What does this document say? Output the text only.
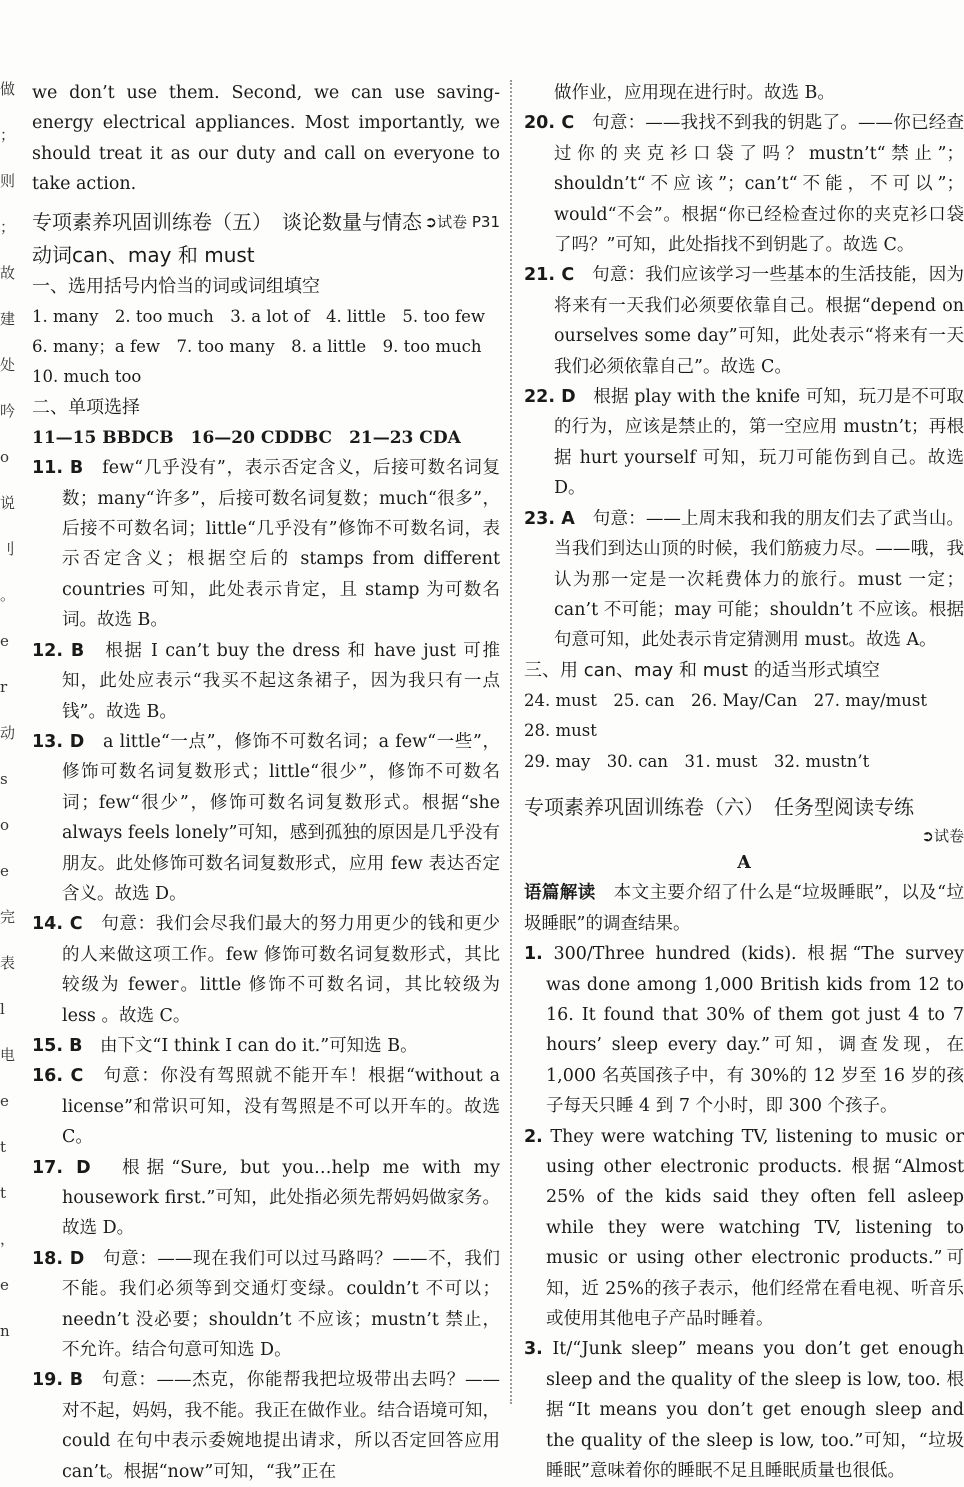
做
；
则
；
故
建
处
吟
o
说
刂
。
e
r
动
s
o
e
完
表
l
电
e
t
t
，
e
n

we don’t use them. Second, we can use saving-energy electrical appliances. Most importantly, we should treat it as our duty and call on everyone to take action.

➲试卷 P31
专项素养巩固训练卷（五）　谈论数量与情态动词can、may 和 must

一、选用括号内恰当的词或词组填空

1. many　2. too much　3. a lot of　4. little　5. too few

6. many；a few　7. too many　8. a little　9. too much

10. much too

二、单项选择

11—15 BBDCB　16—20 CDDBC　21—23 CDA

11. B　 few“几乎没有”，表示否定含义，后接可数名词复数；many“许多”，后接可数名词复数；much“很多”，后接不可数名词；little“几乎没有”修饰不可数名词，表示否定含义；根据空后的 stamps from different countries 可知，此处表示肯定，且 stamp 为可数名词。故选 B。

12. B　 根据 I can’t buy the dress 和 have just 可推知，此处应表示“我买不起这条裙子，因为我只有一点钱”。故选 B。

13. D　 a little“一点”，修饰不可数名词；a few“一些”，修饰可数名词复数形式；little“很少”，修饰不可数名词；few“很少”，修饰可数名词复数形式。根据“she always feels lonely”可知，感到孤独的原因是几乎没有朋友。此处修饰可数名词复数形式，应用 few 表达否定含义。故选 D。

14. C　 句意：我们会尽我们最大的努力用更少的钱和更少的人来做这项工作。few 修饰可数名词复数形式，其比较级为 fewer。little 修饰不可数名词，其比较级为 less 。故选 C。

15. B　 由下文“I think I can do it.”可知选 B。

16. C　 句意：你没有驾照就不能开车！根据“without a license”和常识可知，没有驾照是不可以开车的。故选 C。

17. D　 根据“Sure, but you…help me with my housework first.”可知，此处指必须先帮妈妈做家务。故选 D。

18. D　 句意：——现在我们可以过马路吗？——不，我们不能。我们必须等到交通灯变绿。couldn’t 不可以；needn’t 没必要；shouldn’t 不应该；mustn’t 禁止，不允许。结合句意可知选 D。

19. B　 句意：——杰克，你能帮我把垃圾带出去吗？——对不起，妈妈，我不能。我正在做作业。结合语境可知，could 在句中表示委婉地提出请求，所以否定回答应用 can’t。根据“now”可知，“我”正在

做作业，应用现在进行时。故选 B。

20. C　 句意：——我找不到我的钥匙了。——你已经查过你的夹克衫口袋了吗？mustn’t“禁止”；shouldn’t“不应该”；can’t“不能，不可以”；would“不会”。根据“你已经检查过你的夹克衫口袋了吗？”可知，此处指找不到钥匙了。故选 C。

21. C　 句意：我们应该学习一些基本的生活技能，因为将来有一天我们必须要依靠自己。根据“depend on ourselves some day”可知，此处表示“将来有一天我们必须依靠自己”。故选 C。

22. D　 根据 play with the knife 可知，玩刀是不可取的行为，应该是禁止的，第一空应用 mustn’t；再根据 hurt yourself 可知，玩刀可能伤到自己。故选 D。

23. A　 句意：——上周末我和我的朋友们去了武当山。当我们到达山顶的时候，我们筋疲力尽。——哦，我认为那一定是一次耗费体力的旅行。must 一定；can’t 不可能；may 可能；shouldn’t 不应该。根据句意可知，此处表示肯定猜测用 must。故选 A。

三、用 can、may 和 must 的适当形式填空

24. must　25. can　26. May/Can　27. may/must　28. must

29. may　30. can　31. must　32. mustn’t

专项素养巩固训练卷（六）　任务型阅读专练

➲试卷

A

语篇解读　 本文主要介绍了什么是“垃圾睡眠”，以及“垃圾睡眠”的调查结果。

1. 300/Three hundred (kids). 根据“The survey was done among 1,000 British kids from 12 to 16. It found that 30% of them got just 4 to 7 hours’ sleep every day.”可知，调查发现，在 1,000 名英国孩子中，有 30%的 12 岁至 16 岁的孩子每天只睡 4 到 7 个小时，即 300 个孩子。

2. They were watching TV, listening to music or using other electronic products. 根据“Almost 25% of the kids said they often fell asleep while they were watching TV, listening to music or using other electronic products.”可知，近 25%的孩子表示，他们经常在看电视、听音乐或使用其他电子产品时睡着。

3. It/“Junk sleep” means you don’t get enough sleep and the quality of the sleep is low, too. 根据“It means you don’t get enough sleep and the quality of the sleep is low, too.”可知，“垃圾睡眠”意味着你的睡眠不足且睡眠质量也很低。
